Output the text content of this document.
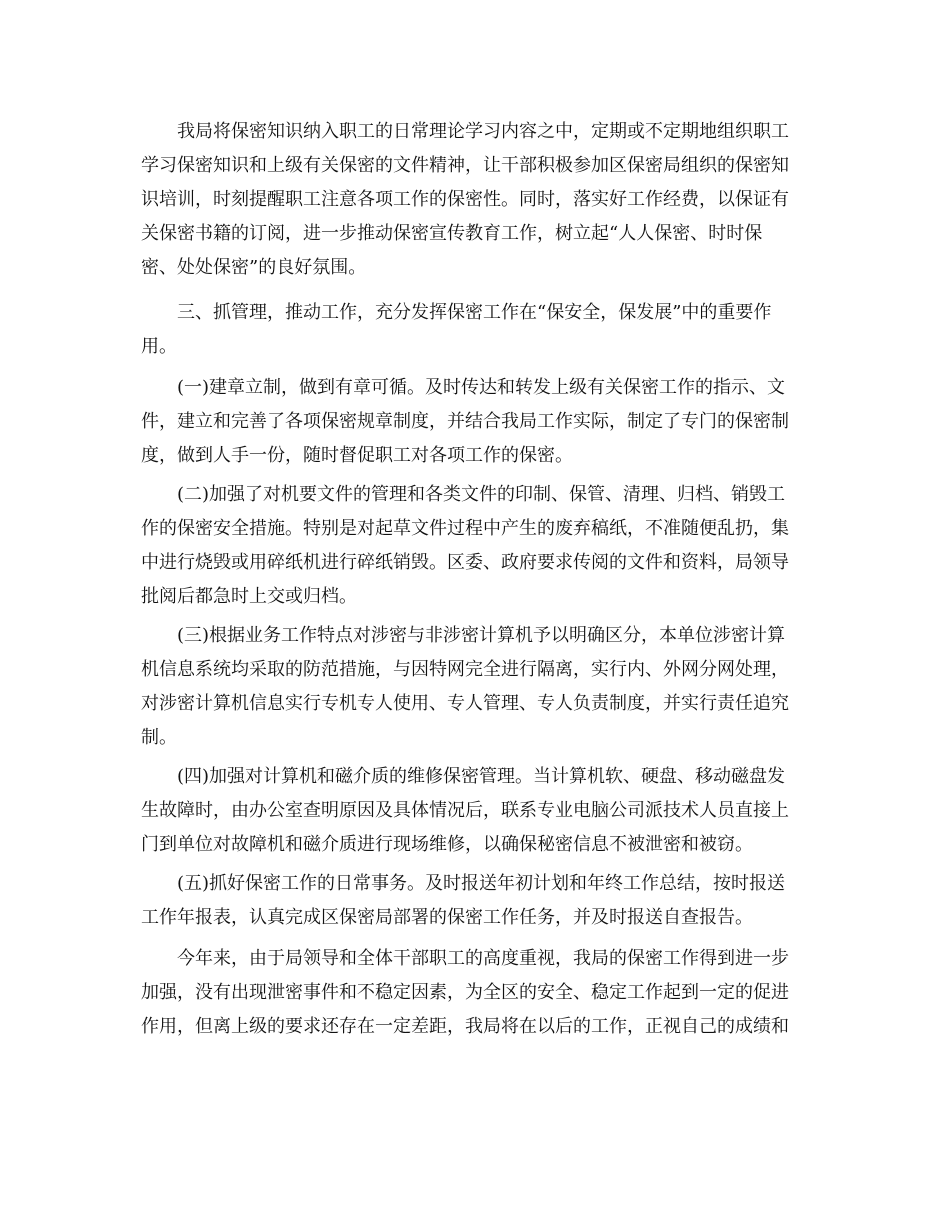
我局将保密知识纳入职工的日常理论学习内容之中，定期或不定期地组织职工
学习保密知识和上级有关保密的文件精神，让干部积极参加区保密局组织的保密知
识培训，时刻提醒职工注意各项工作的保密性。同时，落实好工作经费，以保证有
关保密书籍的订阅，进一步推动保密宣传教育工作，树立起“人人保密、时时保
密、处处保密”的良好氛围。
三、抓管理，推动工作，充分发挥保密工作在“保安全，保发展”中的重要作
用。
(一)建章立制，做到有章可循。及时传达和转发上级有关保密工作的指示、文
件，建立和完善了各项保密规章制度，并结合我局工作实际，制定了专门的保密制
度，做到人手一份，随时督促职工对各项工作的保密。
(二)加强了对机要文件的管理和各类文件的印制、保管、清理、归档、销毁工
作的保密安全措施。特别是对起草文件过程中产生的废弃稿纸，不准随便乱扔，集
中进行烧毁或用碎纸机进行碎纸销毁。区委、政府要求传阅的文件和资料，局领导
批阅后都急时上交或归档。
(三)根据业务工作特点对涉密与非涉密计算机予以明确区分，本单位涉密计算
机信息系统均采取的防范措施，与因特网完全进行隔离，实行内、外网分网处理，
对涉密计算机信息实行专机专人使用、专人管理、专人负责制度，并实行责任追究
制。
(四)加强对计算机和磁介质的维修保密管理。当计算机软、硬盘、移动磁盘发
生故障时，由办公室查明原因及具体情况后，联系专业电脑公司派技术人员直接上
门到单位对故障机和磁介质进行现场维修，以确保秘密信息不被泄密和被窃。
(五)抓好保密工作的日常事务。及时报送年初计划和年终工作总结，按时报送
工作年报表，认真完成区保密局部署的保密工作任务，并及时报送自查报告。
今年来，由于局领导和全体干部职工的高度重视，我局的保密工作得到进一步
加强，没有出现泄密事件和不稳定因素，为全区的安全、稳定工作起到一定的促进
作用，但离上级的要求还存在一定差距，我局将在以后的工作，正视自己的成绩和
